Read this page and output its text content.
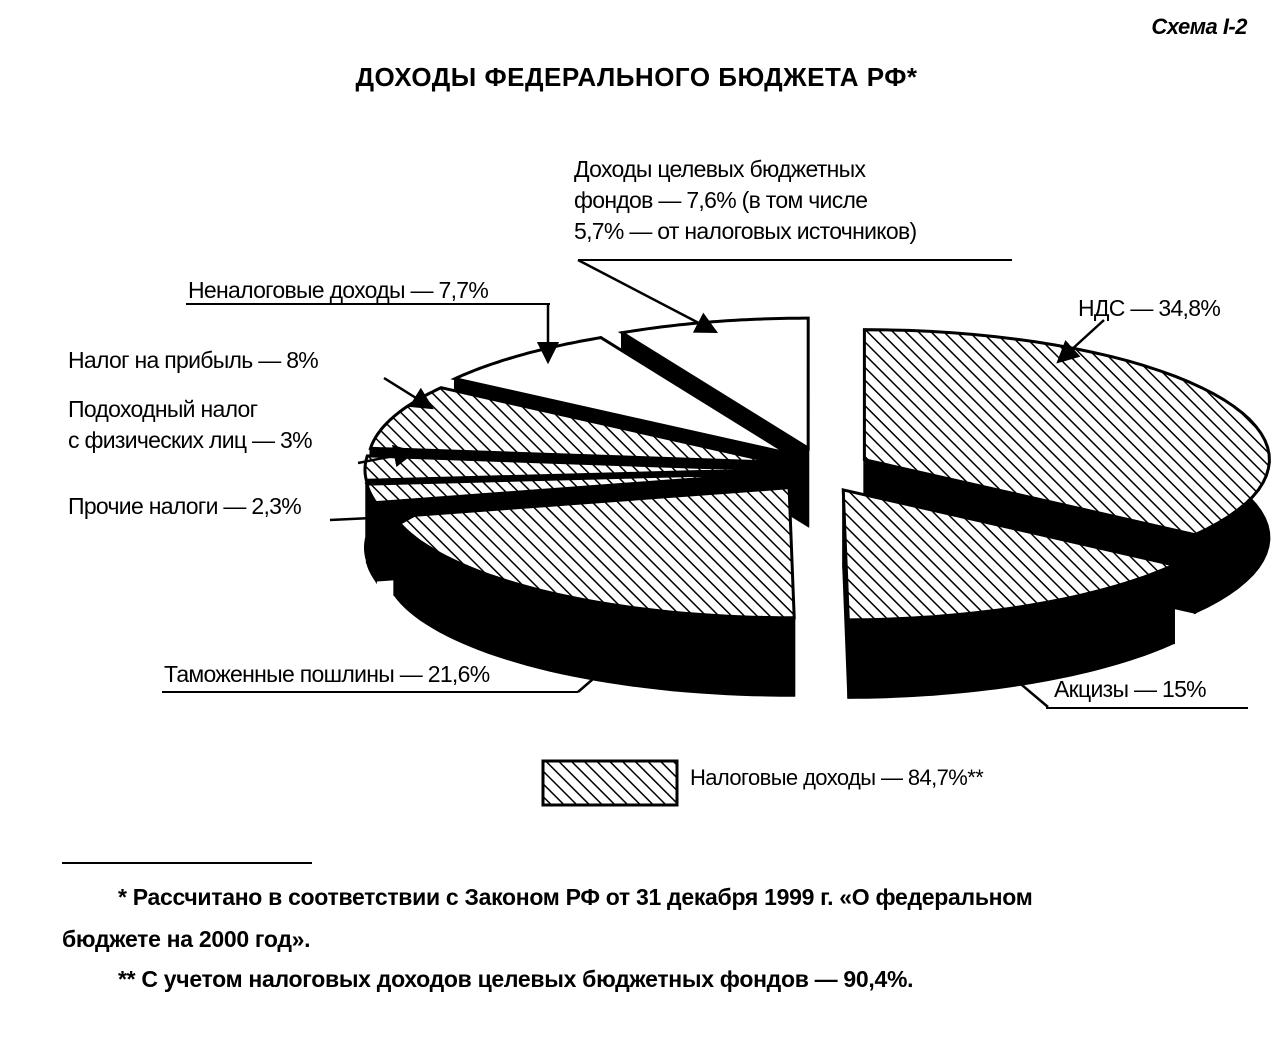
Схема I-2
ДОХОДЫ ФЕДЕРАЛЬНОГО БЮДЖЕТА РФ*
НДС — 34,8%
Акцизы — 15%
Таможенные пошлины — 21,6%
Прочие налоги — 2,3%
Подоходный налог с физических лиц — 3%
Налог на прибыль — 8%
Неналоговые доходы — 7,7%
Доходы целевых бюджетных фондов — 7,6% (в том числе 5,7% — от налоговых источников)
Налоговые доходы — 84,7%**
* Рассчитано в соответствии с Законом РФ от 31 декабря 1999 г. «О федеральном
бюджете на 2000 год».
** С учетом налоговых доходов целевых бюджетных фондов — 90,4%.
